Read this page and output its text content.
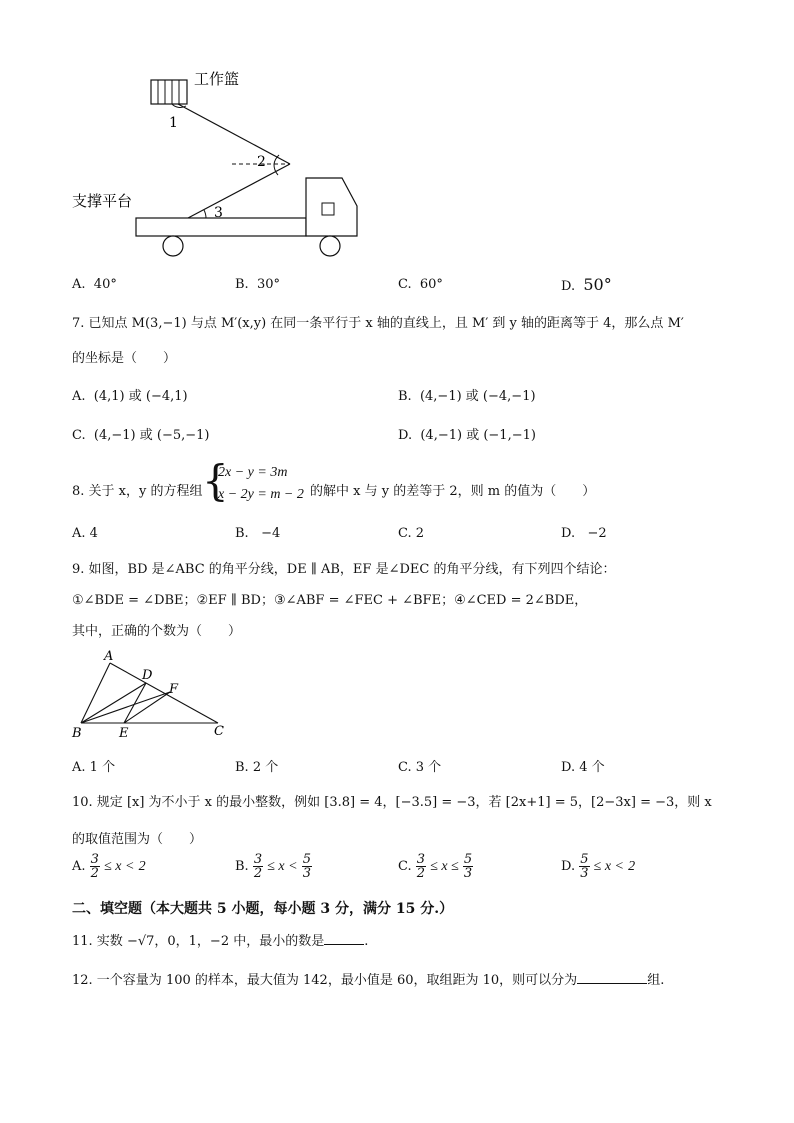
工作篮
支撑平台
1
2
3
A. 40°	B. 30°	C. 60°	D. 50°
7. 已知点 M(3,−1) 与点 M′(x,y) 在同一条平行于 x 轴的直线上，且 M′ 到 y 轴的距离等于 4，那么点 M′
的坐标是（　　）
A. (4,1) 或 (−4,1)	B. (4,−1) 或 (−4,−1)
C. (4,−1) 或 (−5,−1)	D. (4,−1) 或 (−1,−1)
8. 关于 x，y 的方程组 {
2x − y = 3m
x − 2y = m − 2 的解中 x 与 y 的差等于 2，则 m 的值为（　　）
A. 4	B. −4	C. 2	D. −2
9. 如图，BD 是∠ABC 的角平分线，DE ∥ AB，EF 是∠DEC 的角平分线，有下列四个结论：
①∠BDE = ∠DBE；②EF ∥ BD；③∠ABF = ∠FEC + ∠BFE；④∠CED = 2∠BDE，
其中，正确的个数为（　　）
A
D
F
B	E	C
A. 1 个	B. 2 个	C. 3 个	D. 4 个
10. 规定 [x] 为不小于 x 的最小整数，例如 [3.8] = 4，[−3.5] = −3，若 [2x+1] = 5，[2−3x] = −3，则 x
的取值范围为（　　）
A. $\frac{3}{2} \le x < 2$	B. $\frac{3}{2} \le x < \frac{5}{3}$	C. $\frac{3}{2} \le x \le \frac{5}{3}$	D. $\frac{5}{3} \le x < 2$
二、填空题（本大题共 5 小题，每小题 3 分，满分 15 分.）
11. 实数 −√7，0，1，−2 中，最小的数是	.
12. 一个容量为 100 的样本，最大值为 142，最小值是 60，取组距为 10，则可以分为	组.
